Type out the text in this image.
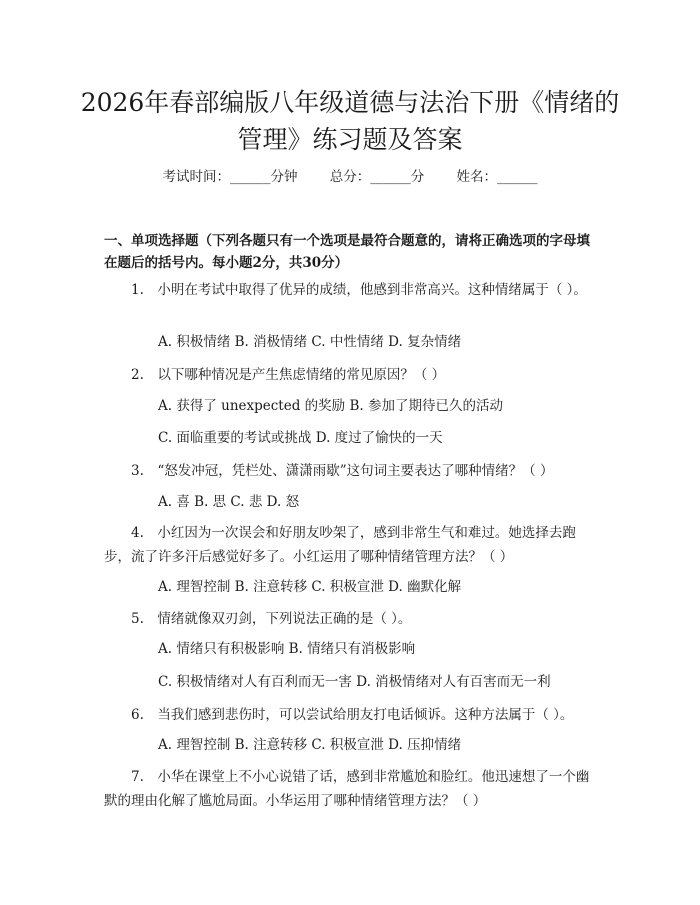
2026年春部编版八年级道德与法治下册《情绪的管理》练习题及答案
考试时间：______分钟 总分：______分 姓名：______

一、单项选择题（下列各题只有一个选项是最符合题意的，请将正确选项的字母填在题后的括号内。每小题2分，共30分）

1.　小明在考试中取得了优异的成绩，他感到非常高兴。这种情绪属于（ ）。

A. 积极情绪 B. 消极情绪 C. 中性情绪 D. 复杂情绪

2.　以下哪种情况是产生焦虑情绪的常见原因？（ ）

A. 获得了 unexpected 的奖励 B. 参加了期待已久的活动

C. 面临重要的考试或挑战 D. 度过了愉快的一天

3.　“怒发冲冠，凭栏处、潇潇雨歇”这句词主要表达了哪种情绪？（ ）

A. 喜 B. 思 C. 悲 D. 怒

4.　小红因为一次误会和好朋友吵架了，感到非常生气和难过。她选择去跑步，流了许多汗后感觉好多了。小红运用了哪种情绪管理方法？（ ）

A. 理智控制 B. 注意转移 C. 积极宣泄 D. 幽默化解

5.　情绪就像双刃剑，下列说法正确的是（ ）。

A. 情绪只有积极影响 B. 情绪只有消极影响

C. 积极情绪对人有百利而无一害 D. 消极情绪对人有百害而无一利

6.　当我们感到悲伤时，可以尝试给朋友打电话倾诉。这种方法属于（ ）。

A. 理智控制 B. 注意转移 C. 积极宣泄 D. 压抑情绪

7.　小华在课堂上不小心说错了话，感到非常尴尬和脸红。他迅速想了一个幽默的理由化解了尴尬局面。小华运用了哪种情绪管理方法？（ ）
